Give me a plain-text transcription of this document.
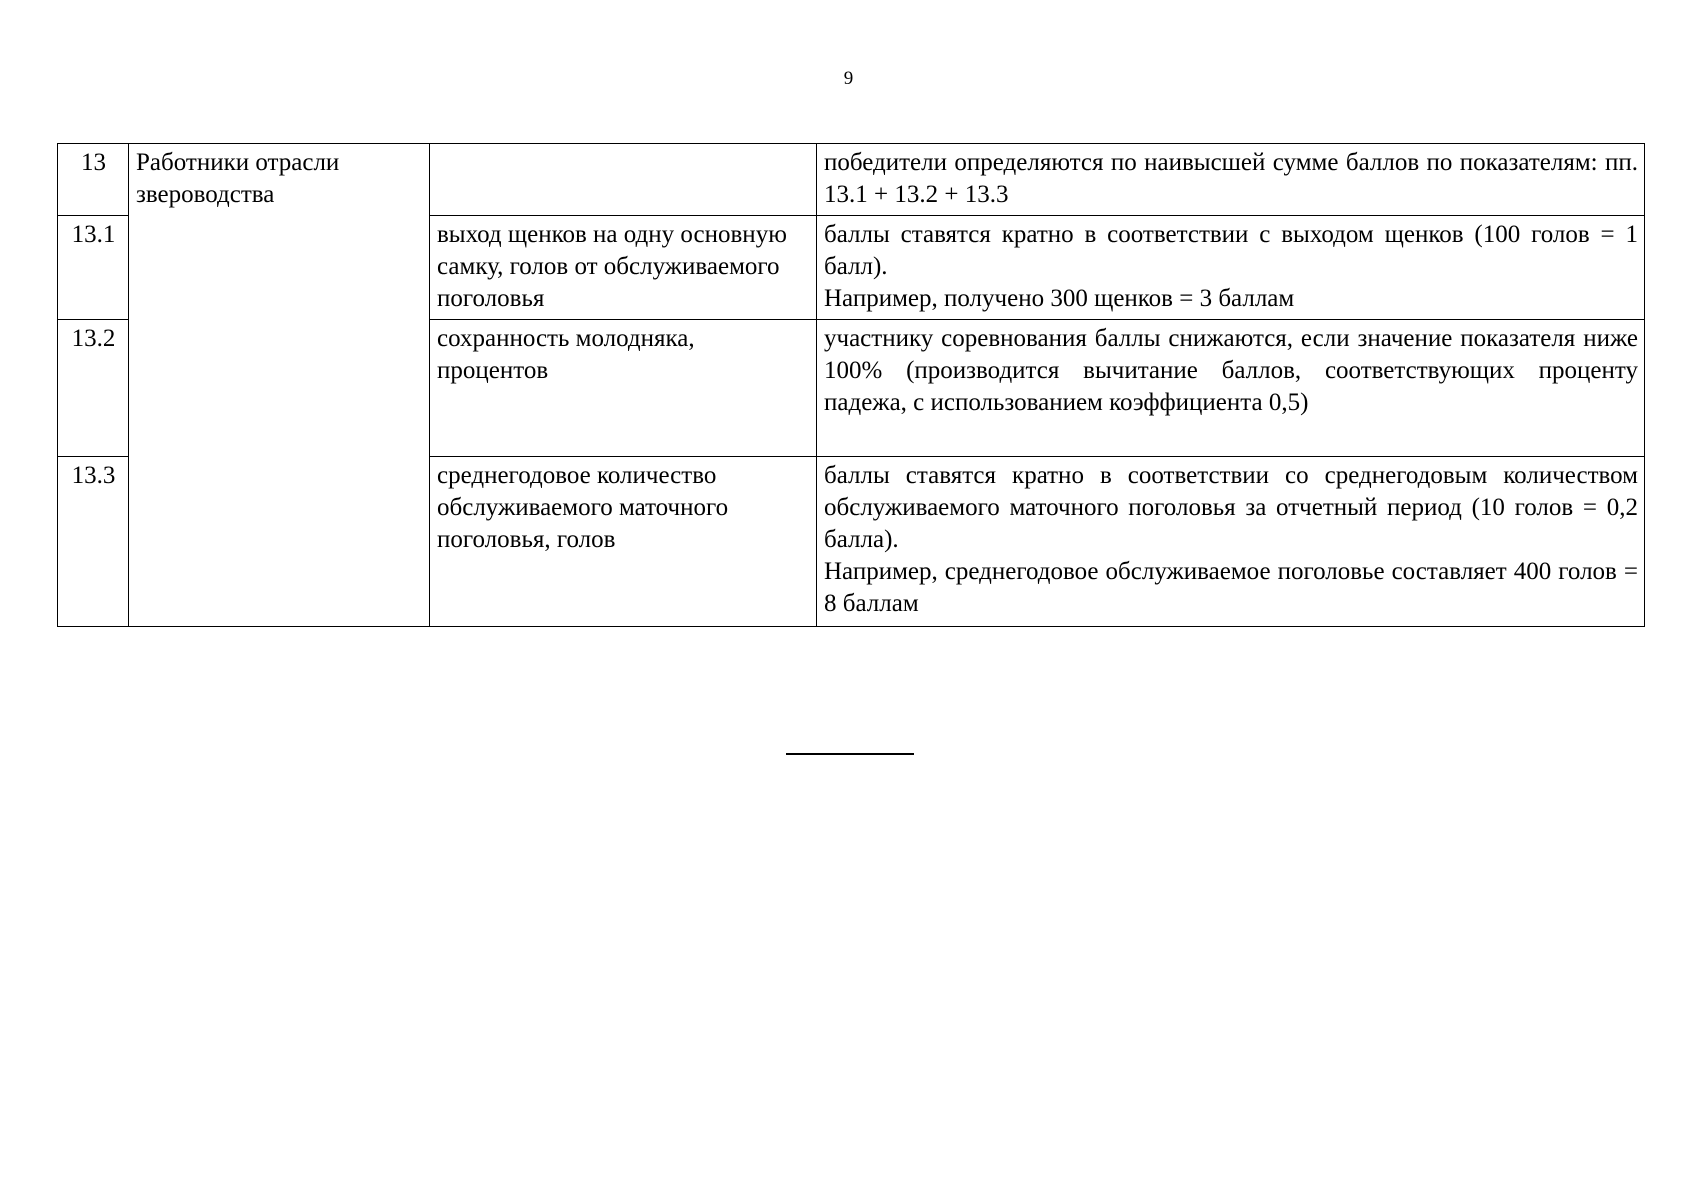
9
13	Работники отрасли звероводства		победители определяются по наивысшей сумме баллов по показателям: пп. 13.1 + 13.2 + 13.3

13.1		выход щенков на одну основную самку, голов от обслуживаемого поголовья	баллы ставятся кратно в соответствии с выходом щенков (100 голов = 1 балл).
Например, получено 300 щенков = 3 баллам

13.2		сохранность молодняка, процентов	участнику соревнования баллы снижаются, если значение показателя ниже 100% (производится вычитание баллов, соответствующих проценту падежа, с использованием коэффициента 0,5)

13.3		среднегодовое количество обслуживаемого маточного поголовья, голов	баллы ставятся кратно в соответствии со среднегодовым количеством обслуживаемого маточного поголовья за отчетный период (10 голов = 0,2 балла).
Например, среднегодовое обслуживаемое поголовье составляет 400 голов = 8 баллам
